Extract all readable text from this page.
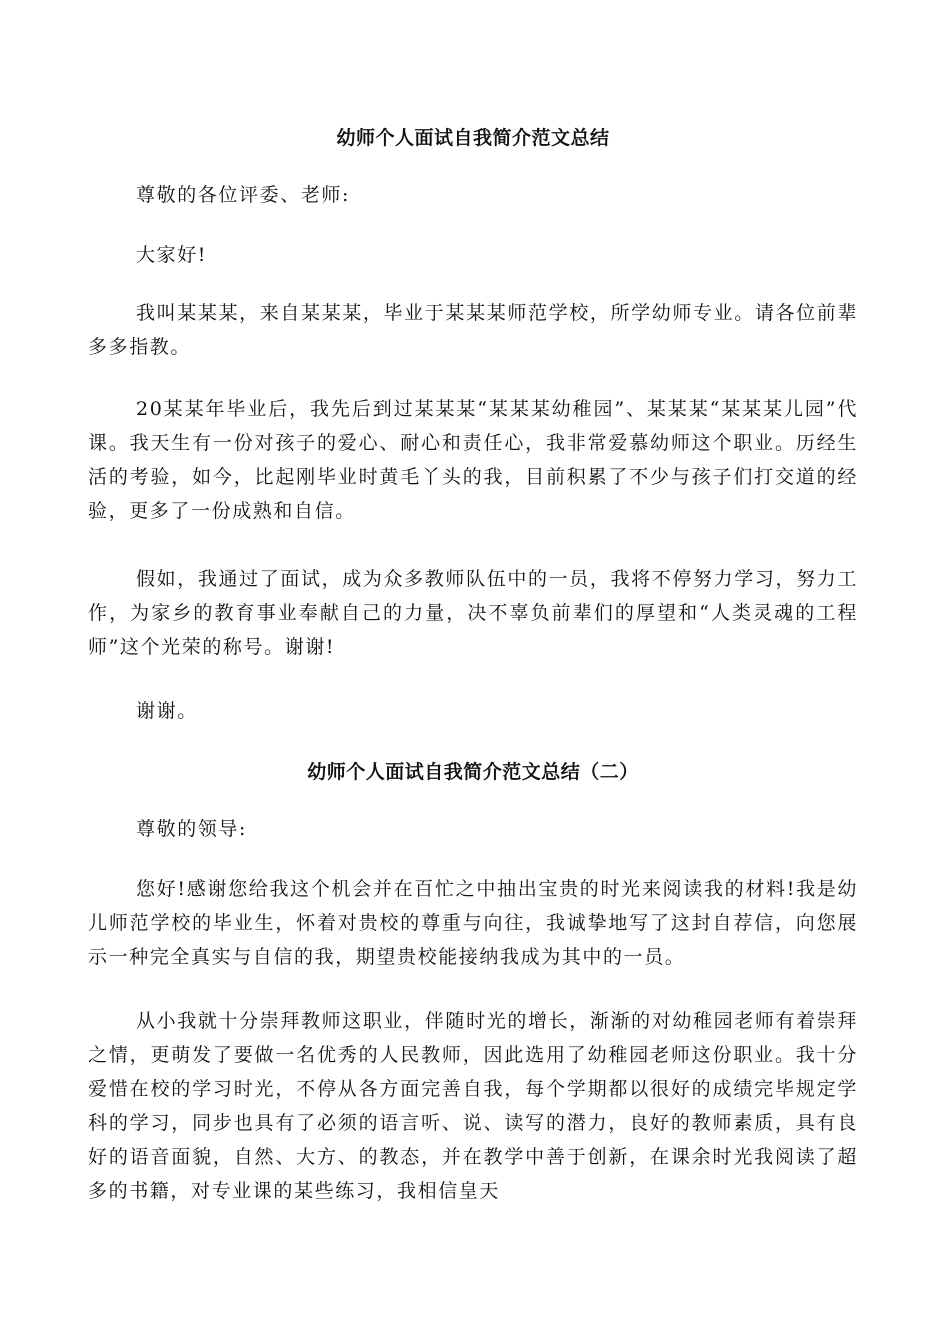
幼师个人面试自我简介范文总结

尊敬的各位评委、老师:

大家好!

我叫某某某，来自某某某，毕业于某某某师范学校，所学幼师专业。请各位前辈多多指教。

20某某年毕业后，我先后到过某某某“某某某幼稚园”、某某某“某某某儿园”代课。我天生有一份对孩子的爱心、耐心和责任心，我非常爱慕幼师这个职业。历经生活的考验，如今，比起刚毕业时黄毛丫头的我，目前积累了不少与孩子们打交道的经验，更多了一份成熟和自信。

假如，我通过了面试，成为众多教师队伍中的一员，我将不停努力学习，努力工作，为家乡的教育事业奉献自己的力量，决不辜负前辈们的厚望和“人类灵魂的工程师”这个光荣的称号。谢谢!

谢谢。

幼师个人面试自我简介范文总结（二）

尊敬的领导:

您好!感谢您给我这个机会并在百忙之中抽出宝贵的时光来阅读我的材料!我是幼儿师范学校的毕业生，怀着对贵校的尊重与向往，我诚挚地写了这封自荐信，向您展示一种完全真实与自信的我，期望贵校能接纳我成为其中的一员。

从小我就十分崇拜教师这职业，伴随时光的增长，渐渐的对幼稚园老师有着崇拜之情，更萌发了要做一名优秀的人民教师，因此选用了幼稚园老师这份职业。我十分爱惜在校的学习时光，不停从各方面完善自我，每个学期都以很好的成绩完毕规定学科的学习，同步也具有了必须的语言听、说、读写的潜力，良好的教师素质，具有良好的语音面貌，自然、大方、的教态，并在教学中善于创新，在课余时光我阅读了超多的书籍，对专业课的某些练习，我相信皇天
